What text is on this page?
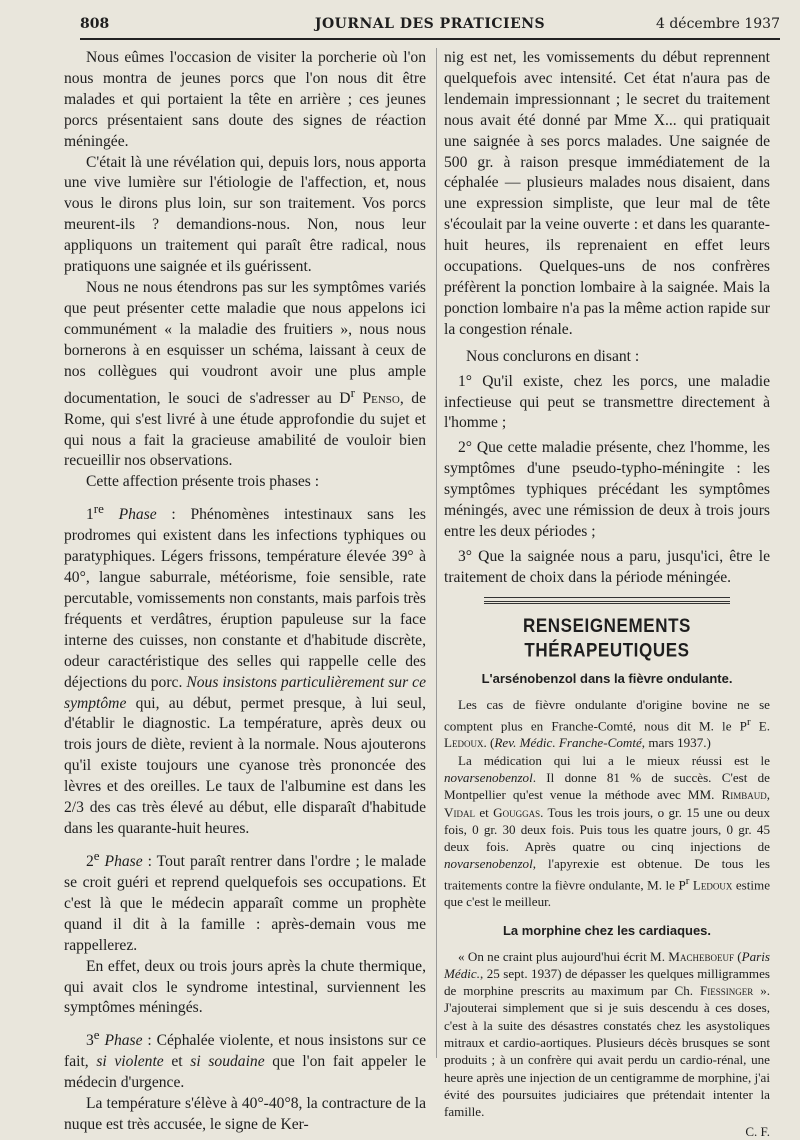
808	JOURNAL DES PRATICIENS	4 décembre 1937

Nous eûmes l'occasion de visiter la porcherie où l'on nous montra de jeunes porcs que l'on nous dit être malades et qui portaient la tête en arrière ; ces jeunes porcs présentaient sans doute des signes de réaction méningée.

C'était là une révélation qui, depuis lors, nous apporta une vive lumière sur l'étiologie de l'affection, et, nous vous le dirons plus loin, sur son traitement. Vos porcs meurent-ils ? demandions-nous. Non, nous leur appliquons un traitement qui paraît être radical, nous pratiquons une saignée et ils guérissent.

Nous ne nous étendrons pas sur les symptômes variés que peut présenter cette maladie que nous appelons ici communément « la maladie des fruitiers », nous nous bornerons à en esquisser un schéma, laissant à ceux de nos collègues qui voudront avoir une plus ample documentation, le souci de s'adresser au $D^r$ Penso, de Rome, qui s'est livré à une étude approfondie du sujet et qui nous a fait la gracieuse amabilité de vouloir bien recueillir nos observations.

Cette affection présente trois phases :

1re Phase : Phénomènes intestinaux sans les prodromes qui existent dans les infections typhiques ou paratyphiques. Légers frissons, température élevée 39° à 40°, langue saburrale, météorisme, foie sensible, rate percutable, vomissements non constants, mais parfois très fréquents et verdâtres, éruption papuleuse sur la face interne des cuisses, non constante et d'habitude discrète, odeur caractéristique des selles qui rappelle celle des déjections du porc. Nous insistons particulièrement sur ce symptôme qui, au début, permet presque, à lui seul, d'établir le diagnostic. La température, après deux ou trois jours de diète, revient à la normale. Nous ajouterons qu'il existe toujours une cyanose très prononcée des lèvres et des oreilles. Le taux de l'albumine est dans les 2/3 des cas très élevé au début, elle disparaît d'habitude dans les quarante-huit heures.

2e Phase : Tout paraît rentrer dans l'ordre ; le malade se croit guéri et reprend quelquefois ses occupations. Et c'est là que le médecin apparaît comme un prophète quand il dit à la famille : après-demain vous me rappellerez.

En effet, deux ou trois jours après la chute thermique, qui avait clos le syndrome intestinal, surviennent les symptômes méningés.

3e Phase : Céphalée violente, et nous insistons sur ce fait, si violente et si soudaine que l'on fait appeler le médecin d'urgence.

La température s'élève à 40°-40°8, la contracture de la nuque est très accusée, le signe de Ker-

nig est net, les vomissements du début reprennent quelquefois avec intensité. Cet état n'aura pas de lendemain impressionnant ; le secret du traitement nous avait été donné par Mme X... qui pratiquait une saignée à ses porcs malades. Une saignée de 500 gr. à raison presque immédiatement de la céphalée — plusieurs malades nous disaient, dans une expression simpliste, que leur mal de tête s'écoulait par la veine ouverte : et dans les quarante-huit heures, ils reprenaient en effet leurs occupations. Quelques-uns de nos confrères préfèrent la ponction lombaire à la saignée. Mais la ponction lombaire n'a pas la même action rapide sur la congestion rénale.

Nous conclurons en disant :

1° Qu'il existe, chez les porcs, une maladie infectieuse qui peut se transmettre directement à l'homme ;

2° Que cette maladie présente, chez l'homme, les symptômes d'une pseudo-typho-méningite : les symptômes typhiques précédant les symptômes méningés, avec une rémission de deux à trois jours entre les deux périodes ;

3° Que la saignée nous a paru, jusqu'ici, être le traitement de choix dans la période méningée.

RENSEIGNEMENTS THÉRAPEUTIQUES
L'arsénobenzol dans la fièvre ondulante.

Les cas de fièvre ondulante d'origine bovine ne se comptent plus en Franche-Comté, nous dit M. le $P^r$ E. Ledoux. (Rev. Médic. Franche-Comté, mars 1937.)

La médication qui lui a le mieux réussi est le novarsenobenzol. Il donne 81 % de succès. C'est de Montpellier qu'est venue la méthode avec MM. Rimbaud, Vidal et Gouggas. Tous les trois jours, o gr. 15 une ou deux fois, 0 gr. 30 deux fois. Puis tous les quatre jours, 0 gr. 45 deux fois. Après quatre ou cinq injections de novarsenobenzol, l'apyrexie est obtenue. De tous les traitements contre la fièvre ondulante, M. le $P^r$ Ledoux estime que c'est le meilleur.

La morphine chez les cardiaques.

« On ne craint plus aujourd'hui écrit M. Macheboeuf (Paris Médic., 25 sept. 1937) de dépasser les quelques milligrammes de morphine prescrits au maximum par Ch. Fiessinger ». J'ajouterai simplement que si je suis descendu à ces doses, c'est à la suite des désastres constatés chez les asystoliques mitraux et cardio-aortiques. Plusieurs décès brusques se sont produits ; à un confrère qui avait perdu un cardio-rénal, une heure après une injection de un centigramme de morphine, j'ai évité des poursuites judiciaires que prétendait intenter la famille.

C. F.
